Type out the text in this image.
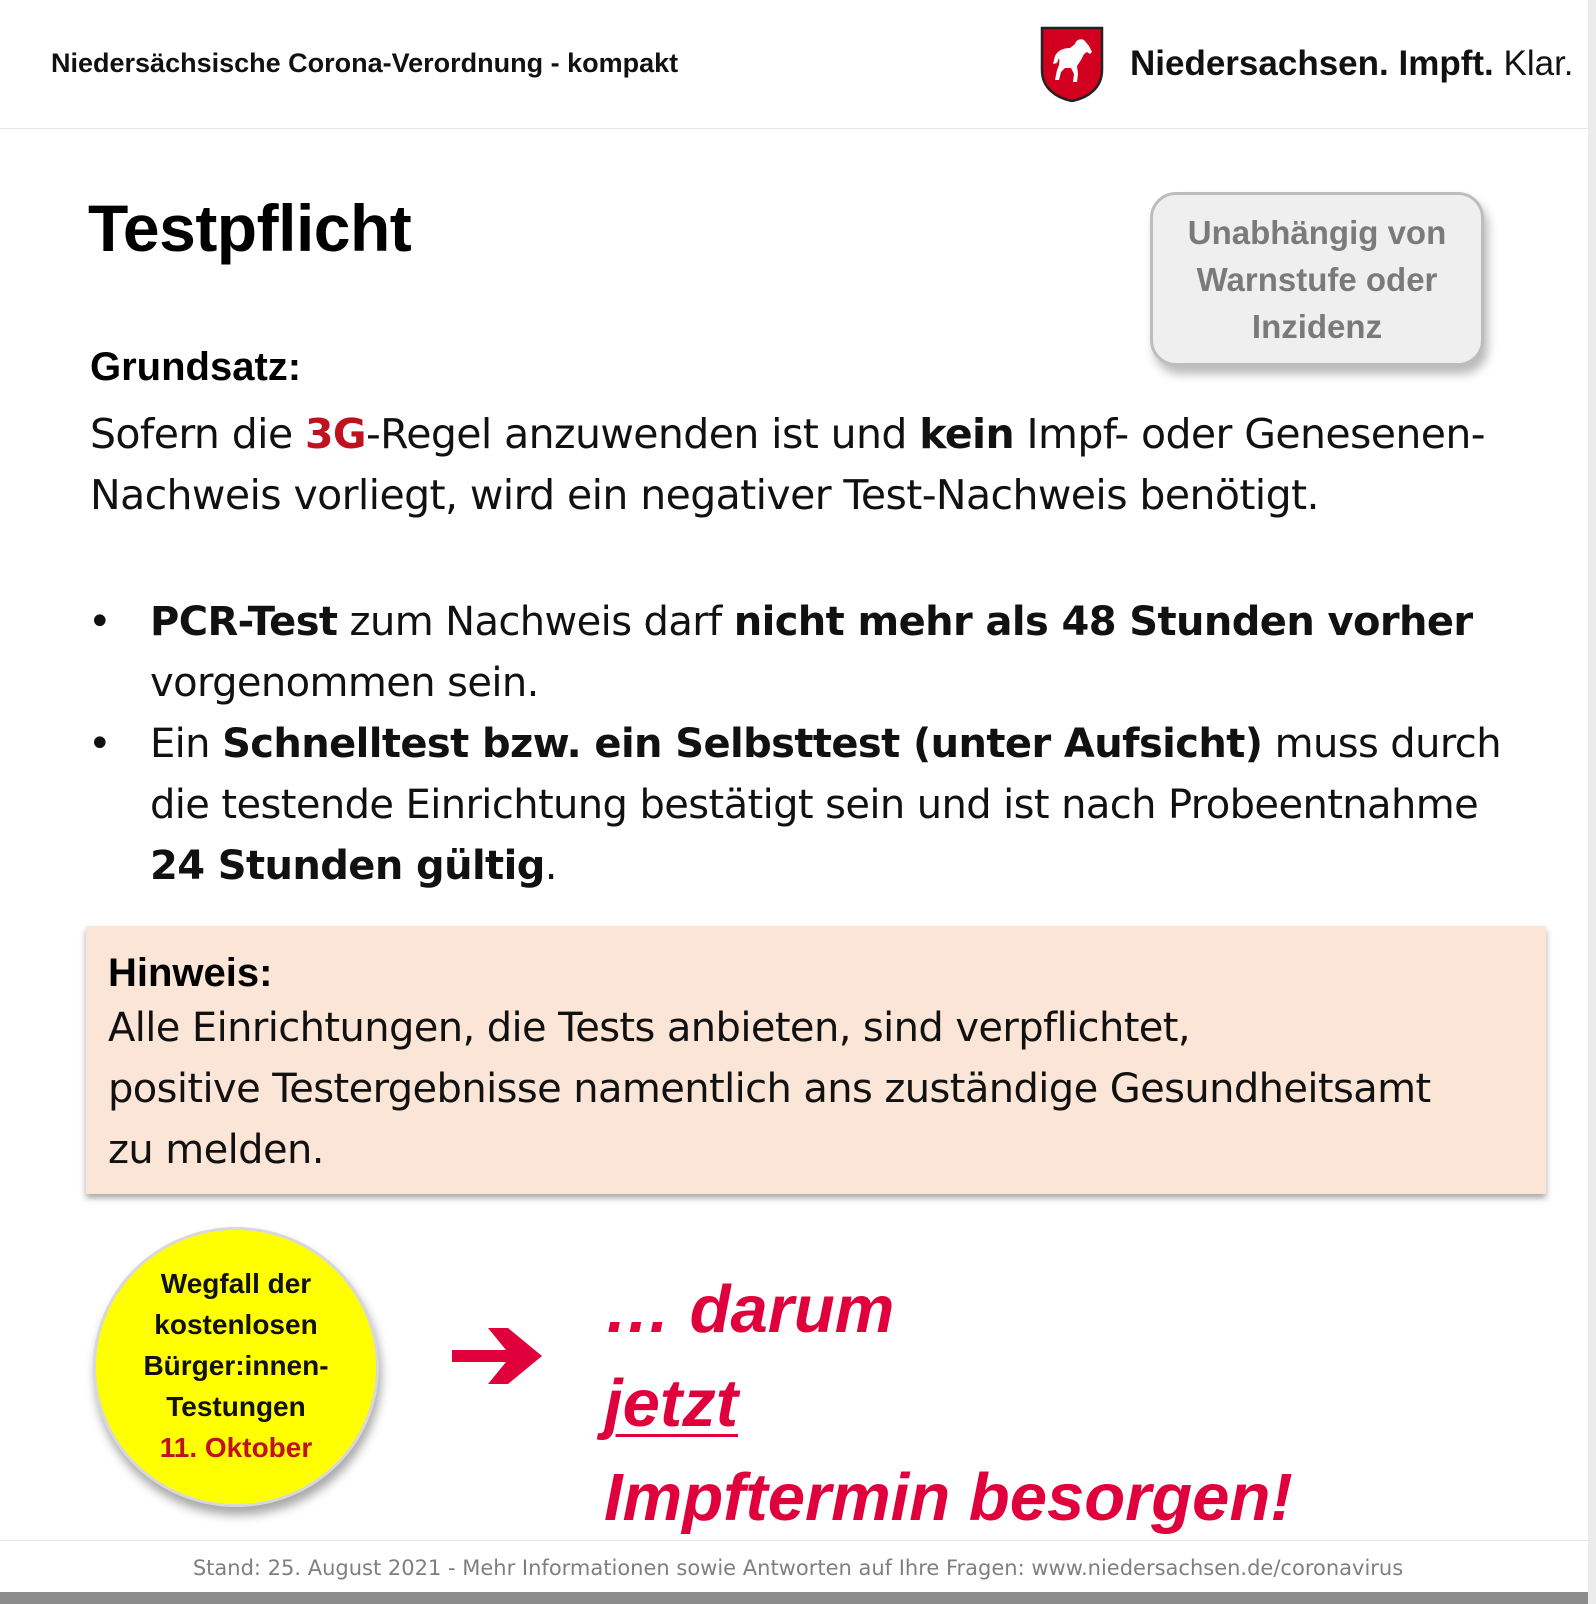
Niedersächsische Corona-Verordnung - kompakt	Niedersachsen. Impft. Klar.
Testpflicht	Unabhängig von
Warnstufe oder
Inzidenz
Grundsatz:
Sofern die 3G-Regel anzuwenden ist und kein Impf- oder Genesenen-Nachweis vorliegt, wird ein negativer Test-Nachweis benötigt.
• PCR-Test zum Nachweis darf nicht mehr als 48 Stunden vorher vorgenommen sein.
• Ein Schnelltest bzw. ein Selbsttest (unter Aufsicht) muss durch die testende Einrichtung bestätigt sein und ist nach Probeentnahme 24 Stunden gültig.
Hinweis:
Alle Einrichtungen, die Tests anbieten, sind verpflichtet,
positive Testergebnisse namentlich ans zuständige Gesundheitsamt
zu melden.
Wegfall der
kostenlosen
Bürger:innen-
Testungen
11. Oktober
… darum
jetzt
Impftermin besorgen!
Stand: 25. August 2021 - Mehr Informationen sowie Antworten auf Ihre Fragen: www.niedersachsen.de/coronavirus
